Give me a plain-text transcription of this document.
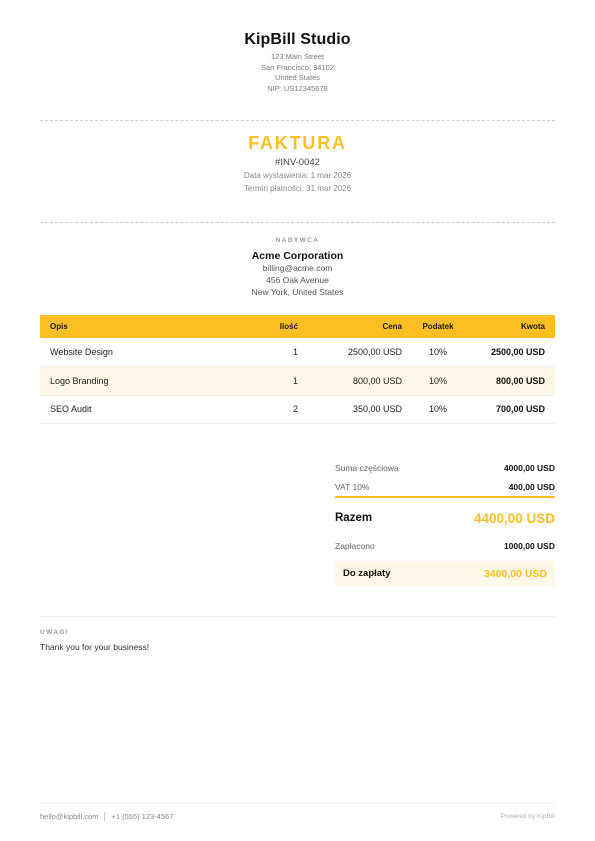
KipBill Studio
123 Main Street
San Francisco, 94102
United States
NIP: US12345678
FAKTURA
#INV-0042
Data wystawienia: 1 mar 2026
Termin płatności: 31 mar 2026
NABYWCA
Acme Corporation
billing@acme.com
456 Oak Avenue
New York, United States
Opis	Ilość	Cena	Podatek	Kwota
Website Design	1	2500,00 USD	10%	2500,00 USD
Logo Branding	1	800,00 USD	10%	800,00 USD
SEO Audit	2	350,00 USD	10%	700,00 USD
Suma częściowa	4000,00 USD
VAT 10%	400,00 USD
Razem	4400,00 USD
Zapłacono	1000,00 USD
Do zapłaty	3400,00 USD
UWAGI
Thank you for your business!
hello@kipbill.com +1 (555) 123-4567	Powered by KipBill
